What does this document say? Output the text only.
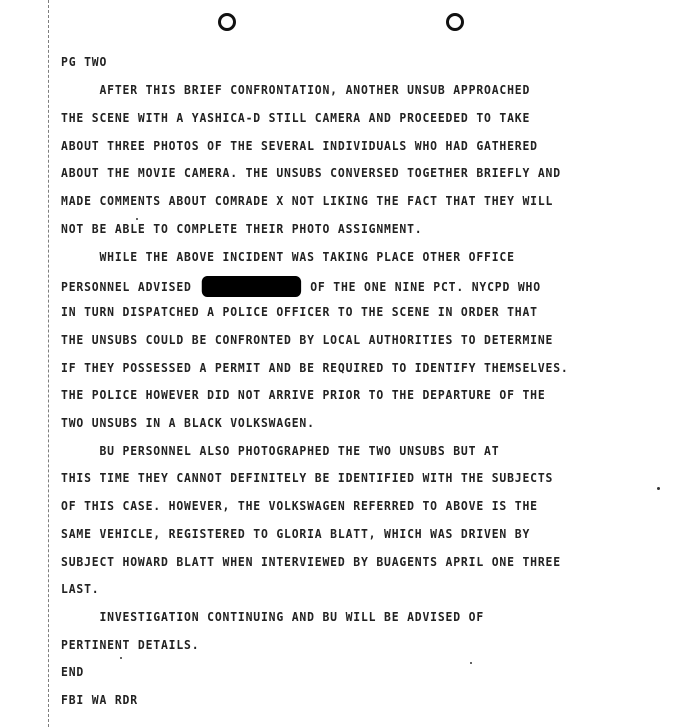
PG TWO
AFTER THIS BRIEF CONFRONTATION, ANOTHER UNSUB APPROACHED
THE SCENE WITH A YASHICA-D STILL CAMERA AND PROCEEDED TO TAKE
ABOUT THREE PHOTOS OF THE SEVERAL INDIVIDUALS WHO HAD GATHERED
ABOUT THE MOVIE CAMERA. THE UNSUBS CONVERSED TOGETHER BRIEFLY AND
MADE COMMENTS ABOUT COMRADE X NOT LIKING THE FACT THAT THEY WILL
NOT BE ABLE TO COMPLETE THEIR PHOTO ASSIGNMENT.
WHILE THE ABOVE INCIDENT WAS TAKING PLACE OTHER OFFICE
PERSONNEL ADVISED	OF THE ONE NINE PCT. NYCPD WHO
IN TURN DISPATCHED A POLICE OFFICER TO THE SCENE IN ORDER THAT
THE UNSUBS COULD BE CONFRONTED BY LOCAL AUTHORITIES TO DETERMINE
IF THEY POSSESSED A PERMIT AND BE REQUIRED TO IDENTIFY THEMSELVES.
THE POLICE HOWEVER DID NOT ARRIVE PRIOR TO THE DEPARTURE OF THE
TWO UNSUBS IN A BLACK VOLKSWAGEN.
BU PERSONNEL ALSO PHOTOGRAPHED THE TWO UNSUBS BUT AT
THIS TIME THEY CANNOT DEFINITELY BE IDENTIFIED WITH THE SUBJECTS
OF THIS CASE. HOWEVER, THE VOLKSWAGEN REFERRED TO ABOVE IS THE
SAME VEHICLE, REGISTERED TO GLORIA BLATT, WHICH WAS DRIVEN BY
SUBJECT HOWARD BLATT WHEN INTERVIEWED BY BUAGENTS APRIL ONE THREE
LAST.
INVESTIGATION CONTINUING AND BU WILL BE ADVISED OF
PERTINENT DETAILS.
END
FBI WA RDR
